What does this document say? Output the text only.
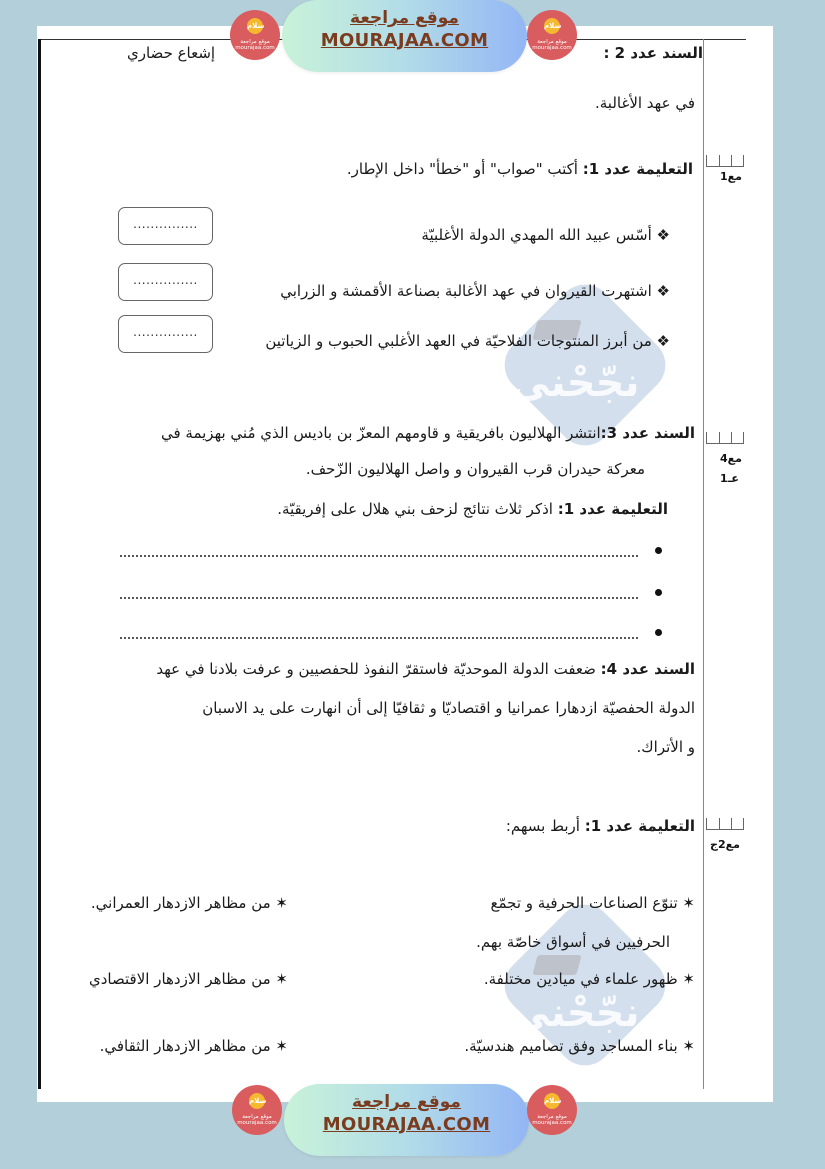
نجّحْني
نجّحْني
السند عدد 2 :
إشعاع حضاري
في عهد الأغالبة.
التعليمة عدد 1: أكتب "صواب" أو "خطأ" داخل الإطار.	مع1
❖ أسّس عبيد الله المهدي الدولة الأغلبيّة
...............
❖ اشتهرت القيروان في عهد الأغالبة بصناعة الأقمشة و الزرابي
...............
❖ من أبرز المنتوجات الفلاحيّة في العهد الأغلبي الحبوب و الزياتين
...............
السند عدد 3:انتشر الهلاليون بافريقية و قاومهم المعزّ بن باديس الذي مُني بهزيمة في
معركة حيدران قرب القيروان و واصل الهلاليون الزّحف.
مع4
عـ1
التعليمة عدد 1: اذكر ثلاث نتائج لزحف بني هلال على إفريقيّة.
السند عدد 4: ضعفت الدولة الموحديّة فاستقرّ النفوذ للحفصيين و عرفت بلادنا في عهد
الدولة الحفصيّة ازدهارا عمرانيا و اقتصاديّا و ثقافيّا إلى أن انهارت على يد الاسبان
و الأتراك.
التعليمة عدد 1: أربط بسهم:
مع2ج
✶ تنوّع الصناعات الحرفية و تجمّع
الحرفيين في أسواق خاصّة بهم.
✶ ظهور علماء في ميادين مختلفة.
✶ بناء المساجد وفق تصاميم هندسيّة.
✶ من مظاهر الازدهار العمراني.
✶ من مظاهر الازدهار الاقتصادي
✶ من مظاهر الازدهار الثقافي.
سلام
موقع مراجعة
mourajaa.com
موقع مراجعة
MOURAJAA.COM
سلام
موقع مراجعة
mourajaa.com
سلام
موقع مراجعة
mourajaa.com
موقع مراجعة
MOURAJAA.COM
سلام
موقع مراجعة
mourajaa.com
